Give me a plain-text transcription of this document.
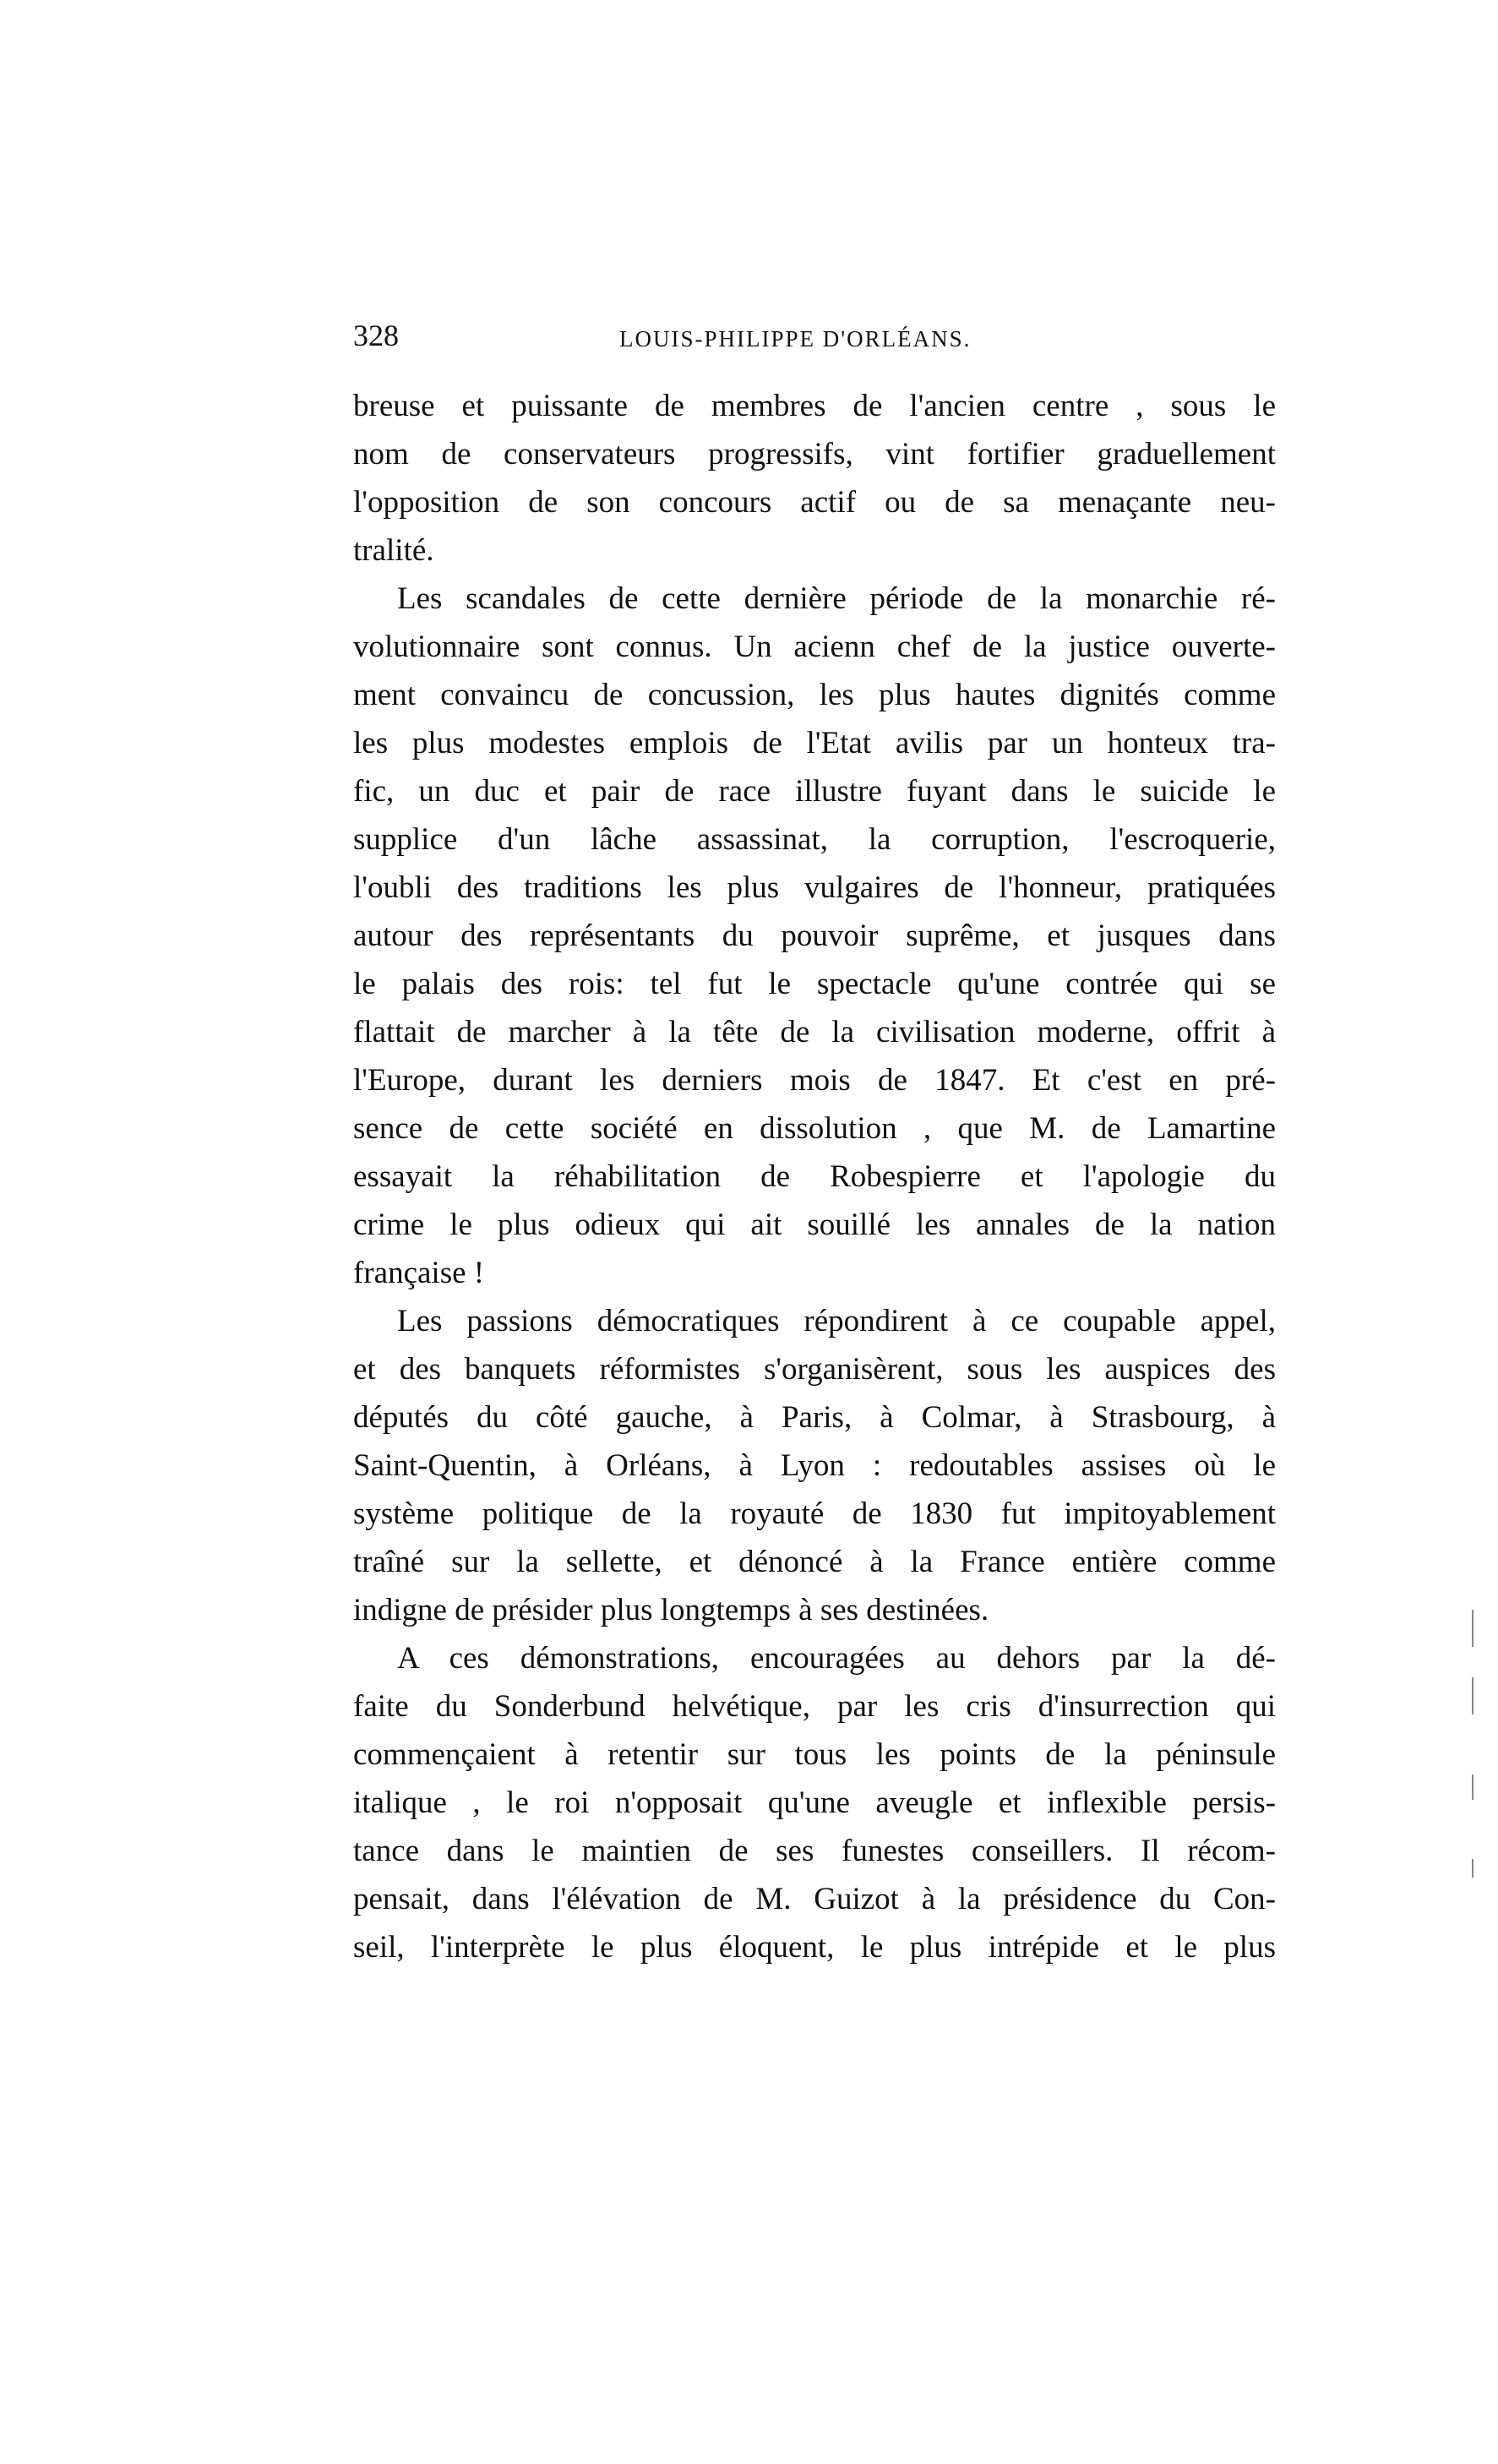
328	LOUIS-PHILIPPE D'ORLÉANS.
breuse et puissante de membres de l'ancien centre , sous le
nom de conservateurs progressifs, vint fortifier graduellement
l'opposition de son concours actif ou de sa menaçante neu-
tralité.
Les scandales de cette dernière période de la monarchie ré-
volutionnaire sont connus. Un acienn chef de la justice ouverte-
ment convaincu de concussion, les plus hautes dignités comme
les plus modestes emplois de l'Etat avilis par un honteux tra-
fic, un duc et pair de race illustre fuyant dans le suicide le
supplice d'un lâche assassinat, la corruption, l'escroquerie,
l'oubli des traditions les plus vulgaires de l'honneur, pratiquées
autour des représentants du pouvoir suprême, et jusques dans
le palais des rois: tel fut le spectacle qu'une contrée qui se
flattait de marcher à la tête de la civilisation moderne, offrit à
l'Europe, durant les derniers mois de 1847. Et c'est en pré-
sence de cette société en dissolution , que M. de Lamartine
essayait la réhabilitation de Robespierre et l'apologie du
crime le plus odieux qui ait souillé les annales de la nation
française !
Les passions démocratiques répondirent à ce coupable appel,
et des banquets réformistes s'organisèrent, sous les auspices des
députés du côté gauche, à Paris, à Colmar, à Strasbourg, à
Saint-Quentin, à Orléans, à Lyon : redoutables assises où le
système politique de la royauté de 1830 fut impitoyablement
traîné sur la sellette, et dénoncé à la France entière comme
indigne de présider plus longtemps à ses destinées.
A ces démonstrations, encouragées au dehors par la dé-
faite du Sonderbund helvétique, par les cris d'insurrection qui
commençaient à retentir sur tous les points de la péninsule
italique , le roi n'opposait qu'une aveugle et inflexible persis-
tance dans le maintien de ses funestes conseillers. Il récom-
pensait, dans l'élévation de M. Guizot à la présidence du Con-
seil, l'interprète le plus éloquent, le plus intrépide et le plus
